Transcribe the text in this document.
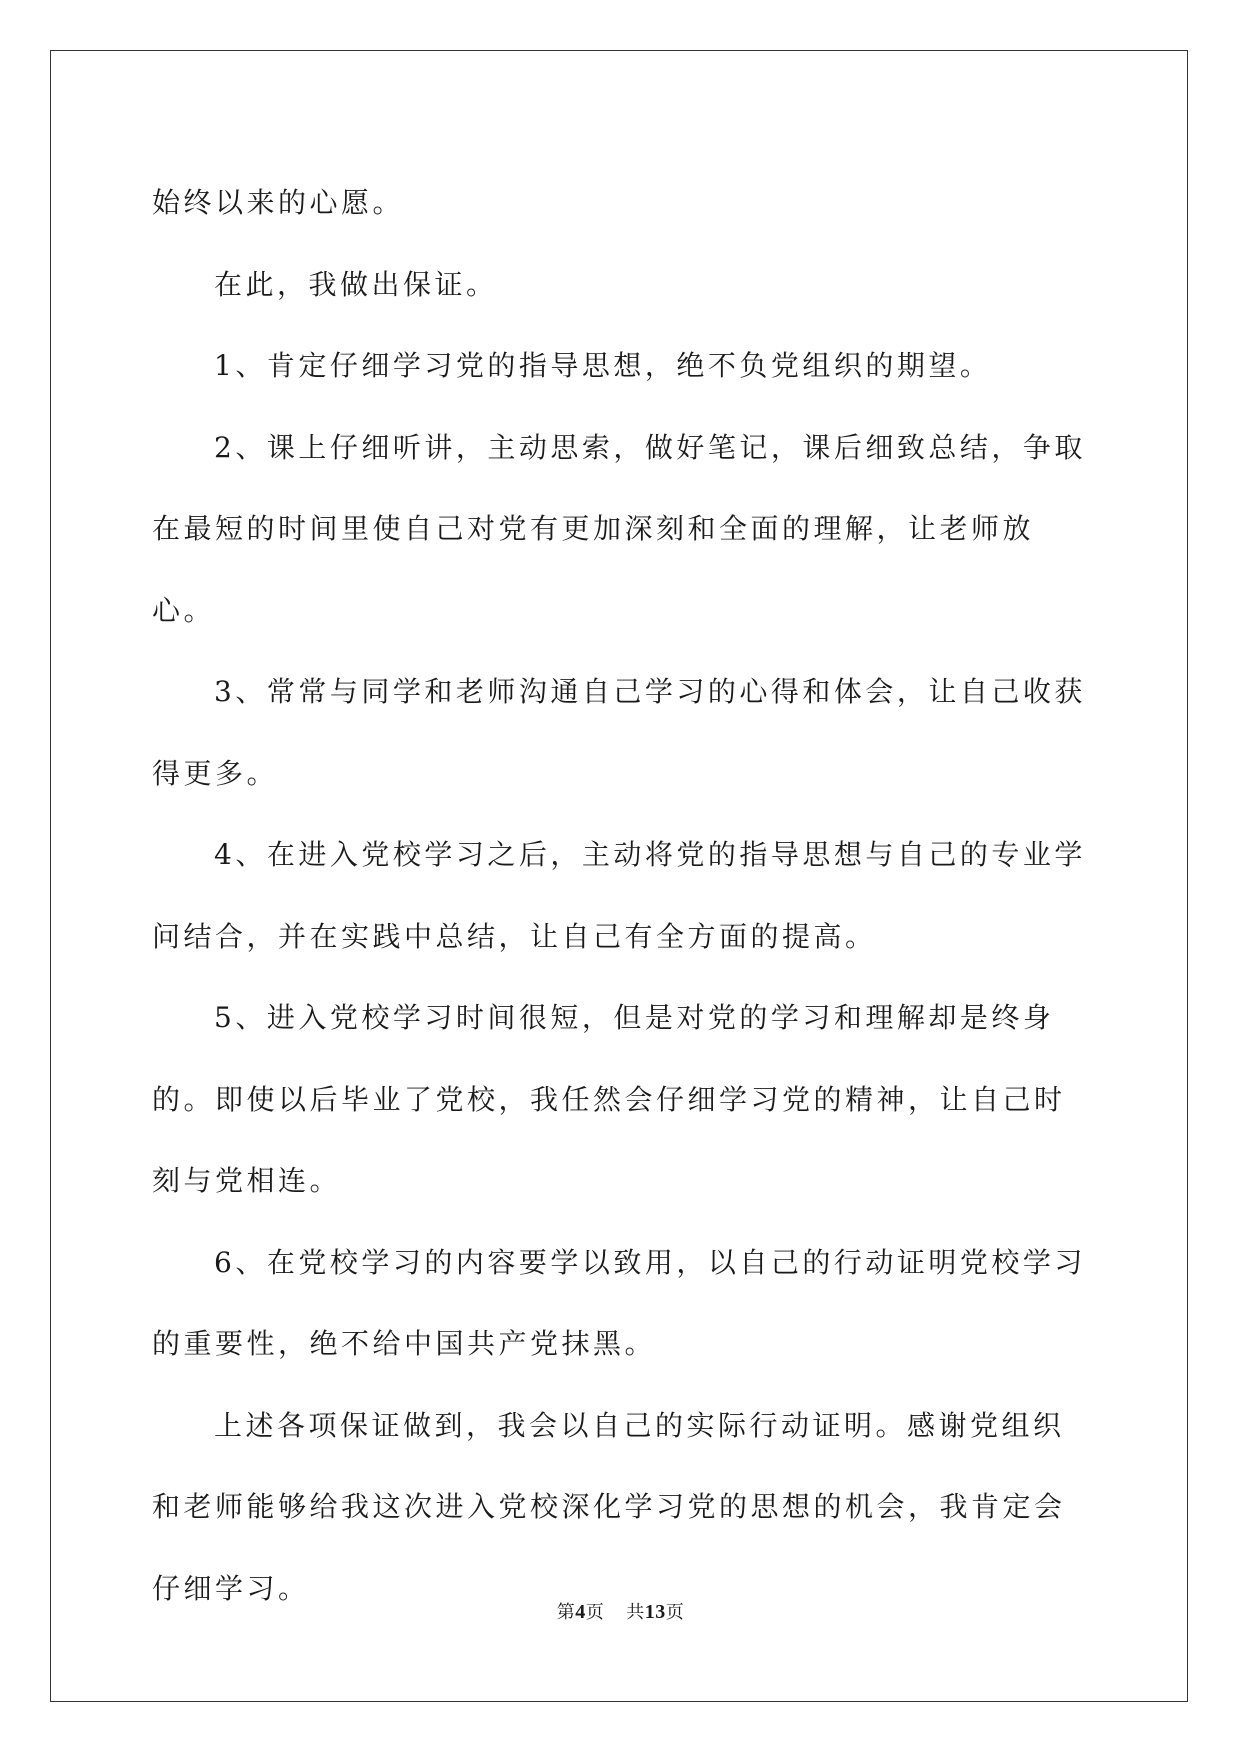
始终以来的心愿。

在此，我做出保证。

1、肯定仔细学习党的指导思想，绝不负党组织的期望。

2、课上仔细听讲，主动思索，做好笔记，课后细致总结，争取在最短的时间里使自己对党有更加深刻和全面的理解，让老师放心。

3、常常与同学和老师沟通自己学习的心得和体会，让自己收获得更多。

4、在进入党校学习之后，主动将党的指导思想与自己的专业学问结合，并在实践中总结，让自己有全方面的提高。

5、进入党校学习时间很短，但是对党的学习和理解却是终身的。即使以后毕业了党校，我任然会仔细学习党的精神，让自己时刻与党相连。

6、在党校学习的内容要学以致用，以自己的行动证明党校学习的重要性，绝不给中国共产党抹黑。

上述各项保证做到，我会以自己的实际行动证明。感谢党组织和老师能够给我这次进入党校深化学习党的思想的机会，我肯定会仔细学习。

第4页 共13页
